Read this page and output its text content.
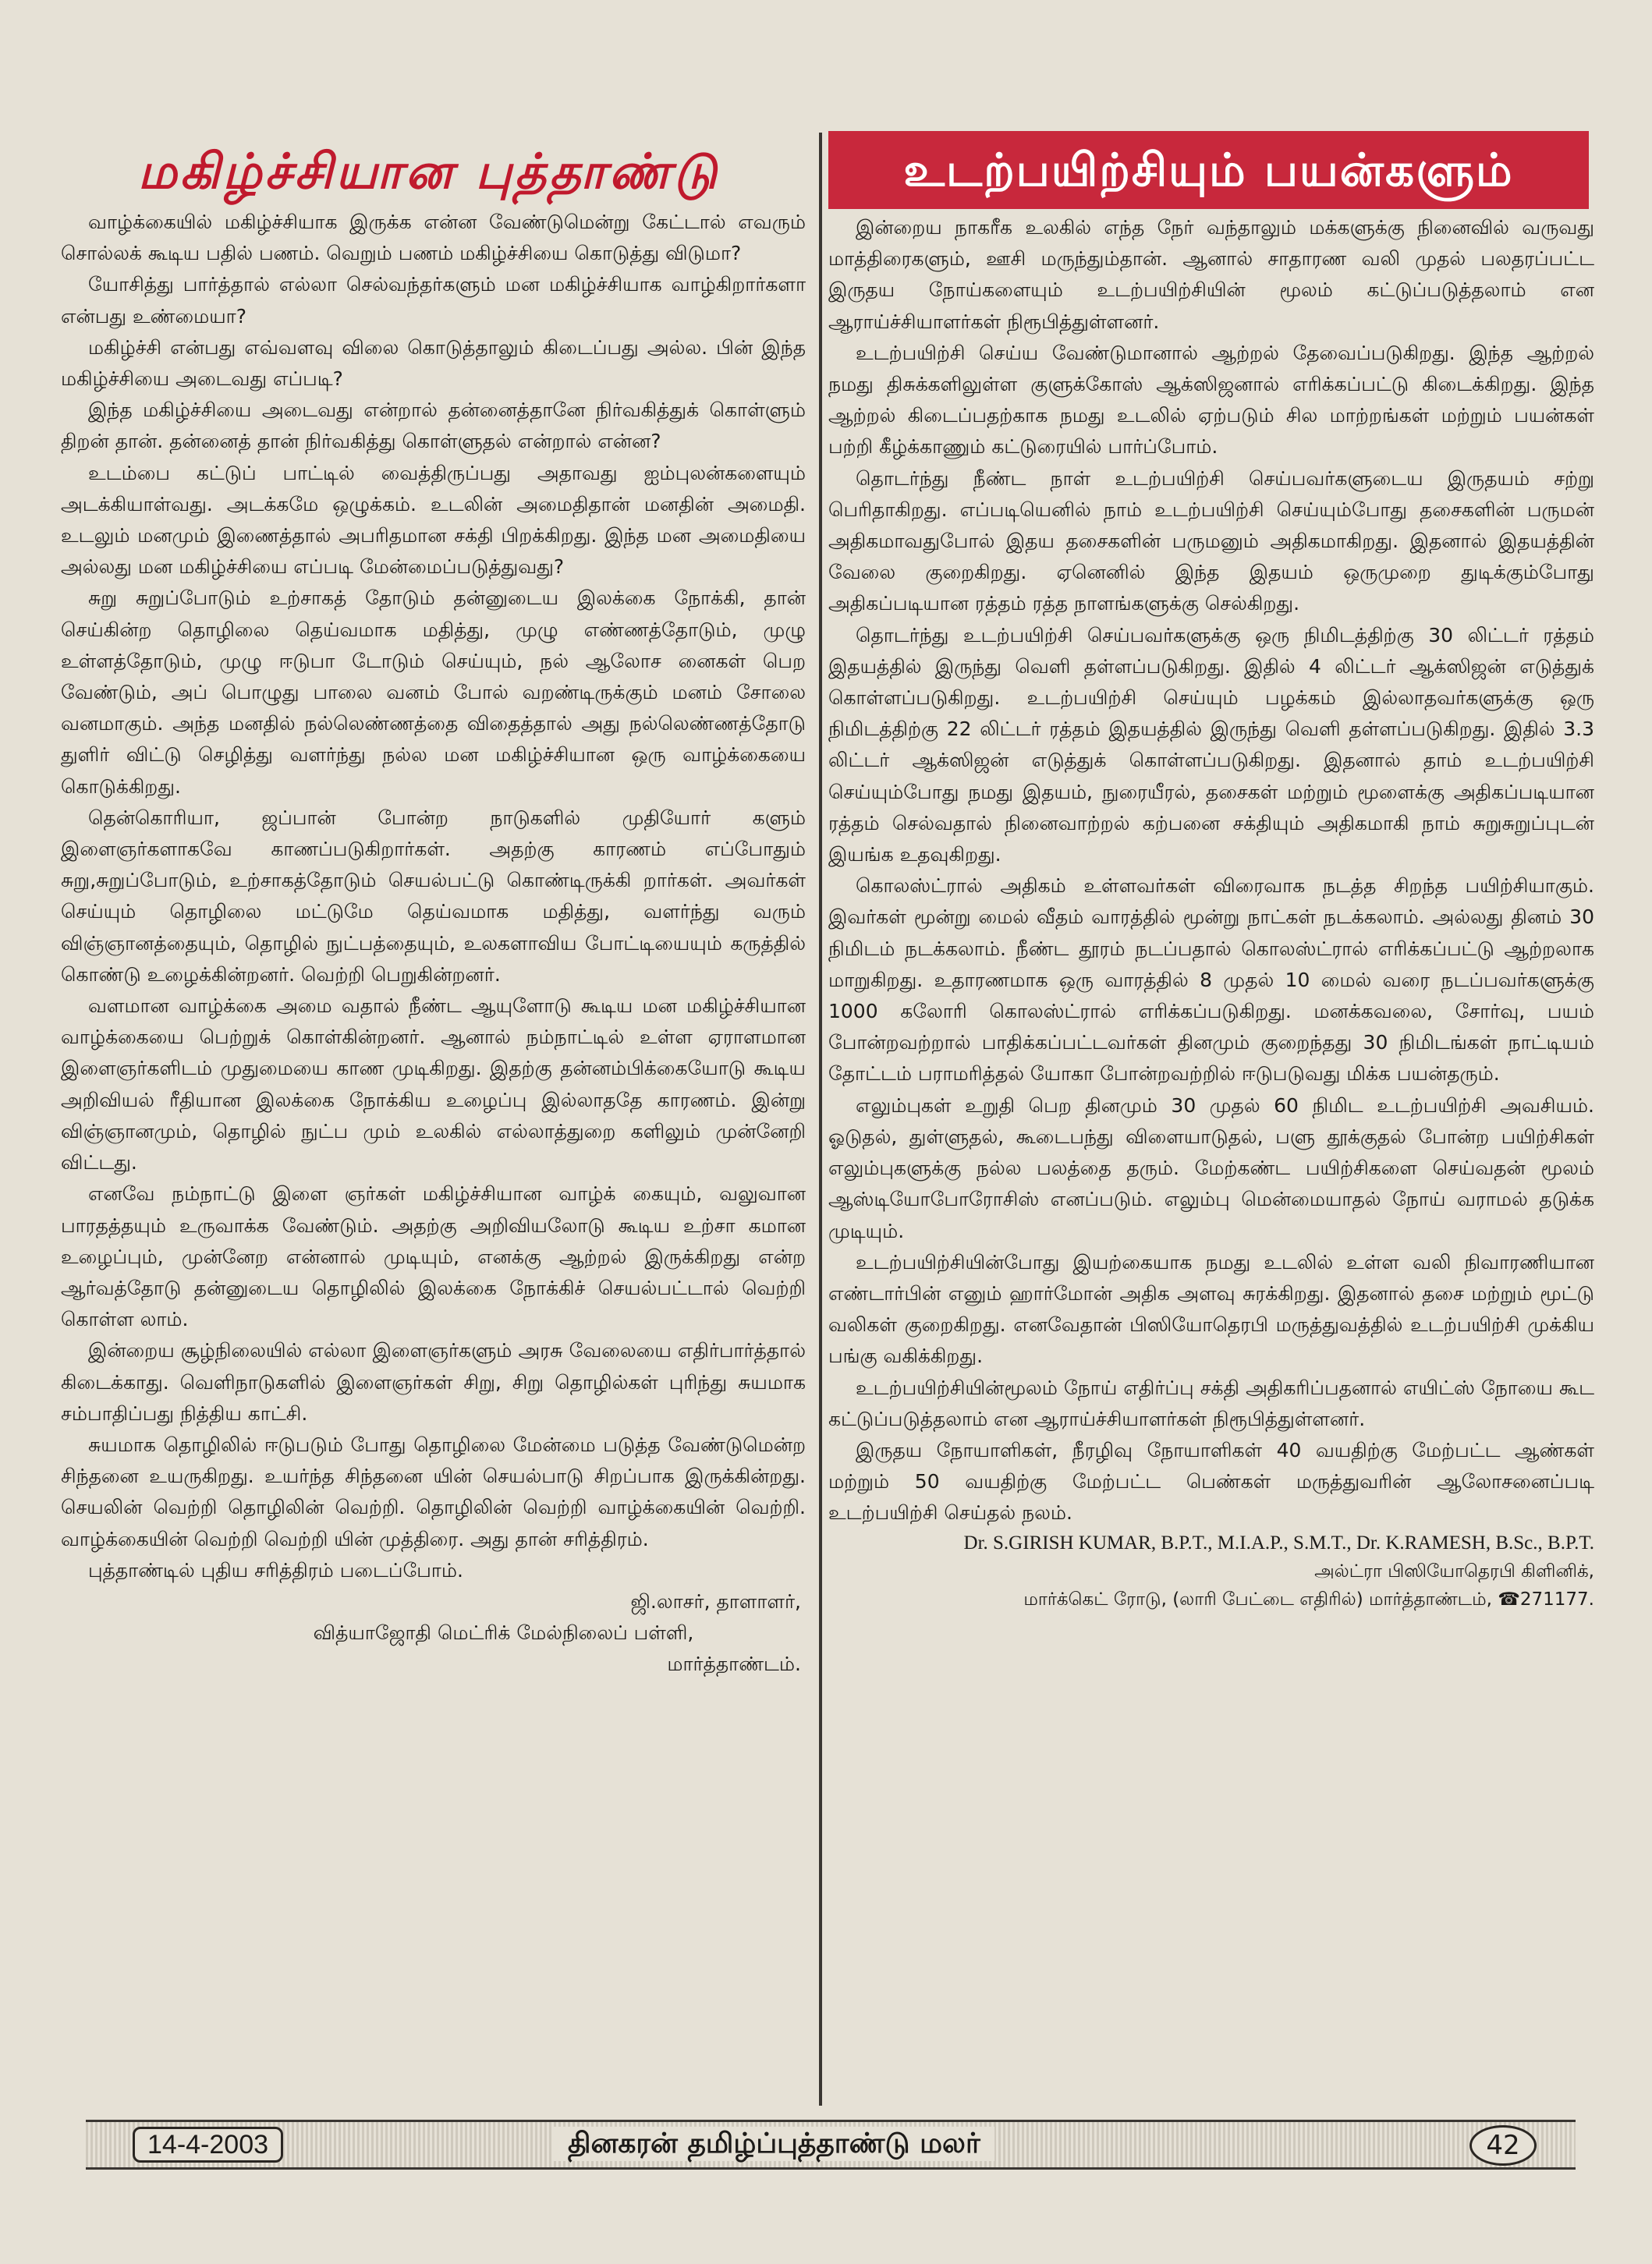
மகிழ்ச்சியான புத்தாண்டு	உடற்பயிற்சியும் பயன்களும்

வாழ்க்கையில் மகிழ்ச்சியாக இருக்க என்ன வேண்டுமென்று கேட்டால் எவரும் சொல்லக் கூடிய பதில் பணம். வெறும் பணம் மகிழ்ச்சியை கொடுத்து விடுமா?

யோசித்து பார்த்தால் எல்லா செல்வந்தர்களும் மன மகிழ்ச்சியாக வாழ்கிறார்களா என்பது உண்மையா?

மகிழ்ச்சி என்பது எவ்வளவு விலை கொடுத்தாலும் கிடைப்பது அல்ல. பின் இந்த மகிழ்ச்சியை அடைவது எப்படி?

இந்த மகிழ்ச்சியை அடைவது என்றால் தன்னைத்தானே நிர்வகித்துக் கொள்ளும் திறன் தான். தன்னைத் தான் நிர்வகித்து கொள்ளுதல் என்றால் என்ன?

உடம்பை கட்டுப் பாட்டில் வைத்திருப்பது அதாவது ஐம்புலன்களையும் அடக்கியாள்வது. அடக்கமே ஒழுக்கம். உடலின் அமைதிதான் மனதின் அமைதி. உடலும் மனமும் இணைத்தால் அபரிதமான சக்தி பிறக்கிறது. இந்த மன அமைதியை அல்லது மன மகிழ்ச்சியை எப்படி மேன்மைப்படுத்துவது?

சுறு சுறுப்போடும் உற்சாகத் தோடும் தன்னுடைய இலக்கை நோக்கி, தான் செய்கின்ற தொழிலை தெய்வமாக மதித்து, முழு எண்ணத்தோடும், முழு உள்ளத்தோடும், முழு ஈடுபா டோடும் செய்யும், நல் ஆலோச னைகள் பெற வேண்டும், அப் பொழுது பாலை வனம் போல் வறண்டிருக்கும் மனம் சோலை வனமாகும். அந்த மனதில் நல்லெண்ணத்தை விதைத்தால் அது நல்லெண்ணத்தோடு துளிர் விட்டு செழித்து வளர்ந்து நல்ல மன மகிழ்ச்சியான ஒரு வாழ்க்கையை கொடுக்கிறது.

தென்கொரியா, ஜப்பான் போன்ற நாடுகளில் முதியோர் களும் இளைஞர்களாகவே காணப்படுகிறார்கள். அதற்கு காரணம் எப்போதும் சுறு,சுறுப்போடும், உற்சாகத்தோடும் செயல்பட்டு கொண்டிருக்கி றார்கள். அவர்கள் செய்யும் தொழிலை மட்டுமே தெய்வமாக மதித்து, வளர்ந்து வரும் விஞ்ஞானத்தையும், தொழில் நுட்பத்தையும், உலகளாவிய போட்டியையும் கருத்தில் கொண்டு உழைக்கின்றனர். வெற்றி பெறுகின்றனர்.

வளமான வாழ்க்கை அமை வதால் நீண்ட ஆயுளோடு கூடிய மன மகிழ்ச்சியான வாழ்க்கையை பெற்றுக் கொள்கின்றனர். ஆனால் நம்நாட்டில் உள்ள ஏராளமான இளைஞர்களிடம் முதுமையை காண முடிகிறது. இதற்கு தன்னம்பிக்கையோடு கூடிய அறிவியல் ரீதியான இலக்கை நோக்கிய உழைப்பு இல்லாததே காரணம். இன்று விஞ்ஞானமும், தொழில் நுட்ப மும் உலகில் எல்லாத்துறை களிலும் முன்னேறி விட்டது.

எனவே நம்நாட்டு இளை ஞர்கள் மகிழ்ச்சியான வாழ்க் கையும், வலுவான பாரதத்தயும் உருவாக்க வேண்டும். அதற்கு அறிவியலோடு கூடிய உற்சா கமான உழைப்பும், முன்னேற என்னால் முடியும், எனக்கு ஆற்றல் இருக்கிறது என்ற ஆர்வத்தோடு தன்னுடைய தொழிலில் இலக்கை நோக்கிச் செயல்பட்டால் வெற்றி கொள்ள லாம்.

இன்றைய சூழ்நிலையில் எல்லா இளைஞர்களும் அரசு வேலையை எதிர்பார்த்தால் கிடைக்காது. வெளிநாடுகளில் இளைஞர்கள் சிறு, சிறு தொழில்கள் புரிந்து சுயமாக சம்பாதிப்பது நித்திய காட்சி.

சுயமாக தொழிலில் ஈடுபடும் போது தொழிலை மேன்மை படுத்த வேண்டுமென்ற சிந்தனை உயருகிறது. உயர்ந்த சிந்தனை யின் செயல்பாடு சிறப்பாக இருக்கின்றது. செயலின் வெற்றி தொழிலின் வெற்றி. தொழிலின் வெற்றி வாழ்க்கையின் வெற்றி. வாழ்க்கையின் வெற்றி வெற்றி யின் முத்திரை. அது தான் சரித்திரம்.

புத்தாண்டில் புதிய சரித்திரம் படைப்போம்.

ஜி.லாசர், தாளாளர்,
வித்யாஜோதி மெட்ரிக் மேல்நிலைப் பள்ளி,
மார்த்தாண்டம்.

இன்றைய நாகரீக உலகில் எந்த நேர் வந்தாலும் மக்களுக்கு நினைவில் வருவது மாத்திரைகளும், ஊசி மருந்தும்தான். ஆனால் சாதாரண வலி முதல் பலதரப்பட்ட இருதய நோய்களையும் உடற்பயிற்சியின் மூலம் கட்டுப்படுத்தலாம் என ஆராய்ச்சியாளர்கள் நிரூபித்துள்ளனர்.

உடற்பயிற்சி செய்ய வேண்டுமானால் ஆற்றல் தேவைப்படுகிறது. இந்த ஆற்றல் நமது திசுக்களிலுள்ள குளுக்கோஸ் ஆக்ஸிஜனால் எரிக்கப்பட்டு கிடைக்கிறது. இந்த ஆற்றல் கிடைப்பதற்காக நமது உடலில் ஏற்படும் சில மாற்றங்கள் மற்றும் பயன்கள் பற்றி கீழ்க்காணும் கட்டுரையில் பார்ப்போம்.

தொடர்ந்து நீண்ட நாள் உடற்பயிற்சி செய்பவர்களுடைய இருதயம் சற்று பெரிதாகிறது. எப்படியெனில் நாம் உடற்பயிற்சி செய்யும்போது தசைகளின் பருமன் அதிகமாவதுபோல் இதய தசைகளின் பருமனும் அதிகமாகிறது. இதனால் இதயத்தின் வேலை குறைகிறது. ஏனெனில் இந்த இதயம் ஒருமுறை துடிக்கும்போது அதிகப்படியான ரத்தம் ரத்த நாளங்களுக்கு செல்கிறது.

தொடர்ந்து உடற்பயிற்சி செய்பவர்களுக்கு ஒரு நிமிடத்திற்கு 30 லிட்டர் ரத்தம் இதயத்தில் இருந்து வெளி தள்ளப்படுகிறது. இதில் 4 லிட்டர் ஆக்ஸிஜன் எடுத்துக் கொள்ளப்படுகிறது. உடற்பயிற்சி செய்யும் பழக்கம் இல்லாதவர்களுக்கு ஒரு நிமிடத்திற்கு 22 லிட்டர் ரத்தம் இதயத்தில் இருந்து வெளி தள்ளப்படுகிறது. இதில் 3.3 லிட்டர் ஆக்ஸிஜன் எடுத்துக் கொள்ளப்படுகிறது. இதனால் தாம் உடற்பயிற்சி செய்யும்போது நமது இதயம், நுரையீரல், தசைகள் மற்றும் மூளைக்கு அதிகப்படியான ரத்தம் செல்வதால் நினைவாற்றல் கற்பனை சக்தியும் அதிகமாகி நாம் சுறுசுறுப்புடன் இயங்க உதவுகிறது.

கொலஸ்ட்ரால் அதிகம் உள்ளவர்கள் விரைவாக நடத்த சிறந்த பயிற்சியாகும். இவர்கள் மூன்று மைல் வீதம் வாரத்தில் மூன்று நாட்கள் நடக்கலாம். அல்லது தினம் 30 நிமிடம் நடக்கலாம். நீண்ட தூரம் நடப்பதால் கொலஸ்ட்ரால் எரிக்கப்பட்டு ஆற்றலாக மாறுகிறது. உதாரணமாக ஒரு வாரத்தில் 8 முதல் 10 மைல் வரை நடப்பவர்களுக்கு 1000 கலோரி கொலஸ்ட்ரால் எரிக்கப்படுகிறது. மனக்கவலை, சோர்வு, பயம் போன்றவற்றால் பாதிக்கப்பட்டவர்கள் தினமும் குறைந்தது 30 நிமிடங்கள் நாட்டியம் தோட்டம் பராமரித்தல் யோகா போன்றவற்றில் ஈடுபடுவது மிக்க பயன்தரும்.

எலும்புகள் உறுதி பெற தினமும் 30 முதல் 60 நிமிட உடற்பயிற்சி அவசியம். ஓடுதல், துள்ளுதல், கூடைபந்து விளையாடுதல், பளு தூக்குதல் போன்ற பயிற்சிகள் எலும்புகளுக்கு நல்ல பலத்தை தரும். மேற்கண்ட பயிற்சிகளை செய்வதன் மூலம் ஆஸ்டியோபோரோசிஸ் எனப்படும். எலும்பு மென்மையாதல் நோய் வராமல் தடுக்க முடியும்.

உடற்பயிற்சியின்போது இயற்கையாக நமது உடலில் உள்ள வலி நிவாரணியான எண்டார்பின் எனும் ஹார்மோன் அதிக அளவு சுரக்கிறது. இதனால் தசை மற்றும் மூட்டு வலிகள் குறைகிறது. எனவேதான் பிஸியோதெரபி மருத்துவத்தில் உடற்பயிற்சி முக்கிய பங்கு வகிக்கிறது.

உடற்பயிற்சியின்மூலம் நோய் எதிர்ப்பு சக்தி அதிகரிப்பதனால் எயிட்ஸ் நோயை கூட கட்டுப்படுத்தலாம் என ஆராய்ச்சியாளர்கள் நிரூபித்துள்ளனர்.

இருதய நோயாளிகள், நீரழிவு நோயாளிகள் 40 வயதிற்கு மேற்பட்ட ஆண்கள் மற்றும் 50 வயதிற்கு மேற்பட்ட பெண்கள் மருத்துவரின் ஆலோசனைப்படி உடற்பயிற்சி செய்தல் நலம்.

Dr. S.GIRISH KUMAR, B.P.T., M.I.A.P., S.M.T., Dr. K.RAMESH, B.Sc., B.P.T.
அல்ட்ரா பிஸியோதெரபி கிளினிக்,
மார்க்கெட் ரோடு, (லாரி பேட்டை எதிரில்) மார்த்தாண்டம், ☎271177.
14-4-2003	தினகரன் தமிழ்ப்புத்தாண்டு மலர்	42
